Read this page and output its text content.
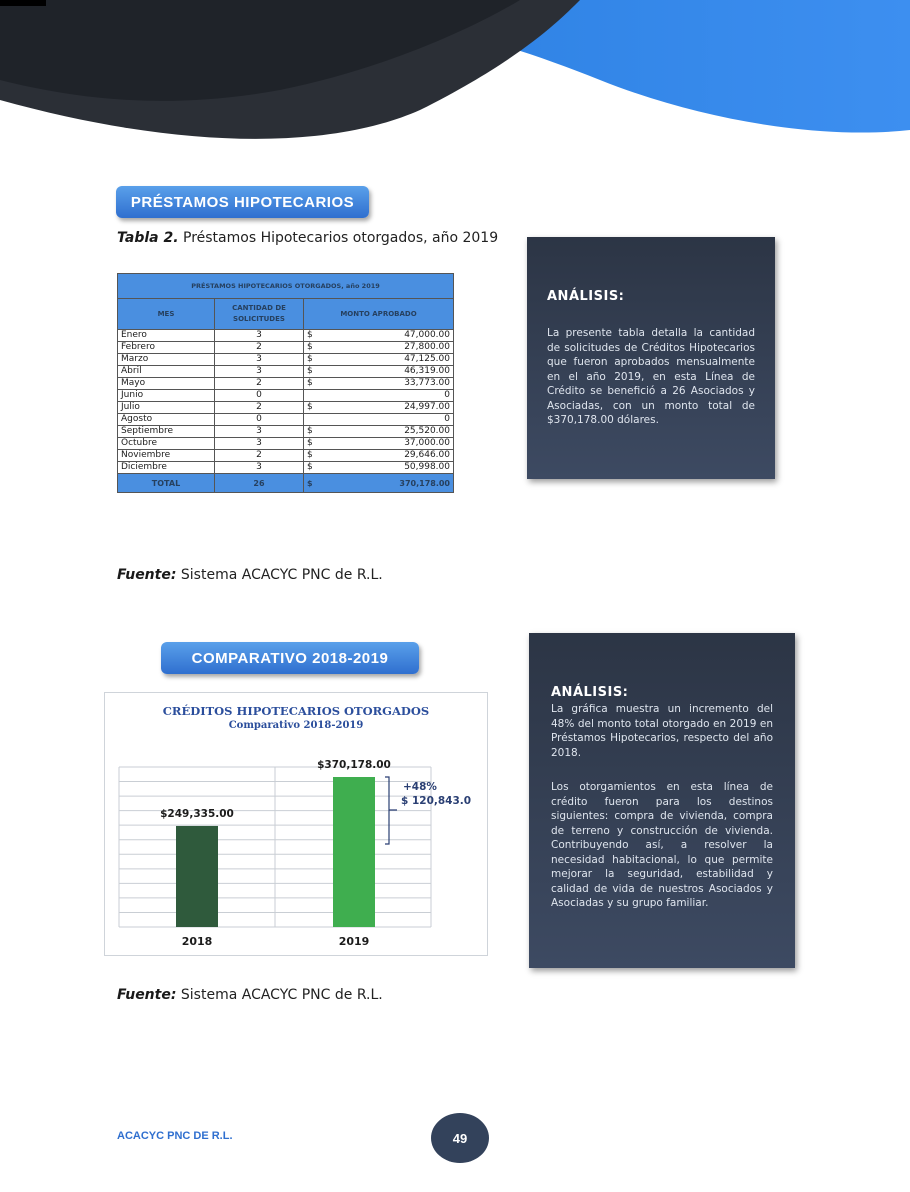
PRÉSTAMOS HIPOTECARIOS
Tabla 2. Préstamos Hipotecarios otorgados, año 2019
PRÉSTAMOS HIPOTECARIOS OTORGADOS, año 2019			
MES	CANTIDAD DE SOLICITUDES	MONTO APROBADO	
Enero	3	$	47,000.00
Febrero	2	$	27,800.00
Marzo	3	$	47,125.00
Abril	3	$	46,319.00
Mayo	2	$	33,773.00
Junio	0		0
Julio	2	$	24,997.00
Agosto	0		0
Septiembre	3	$	25,520.00
Octubre	3	$	37,000.00
Noviembre	2	$	29,646.00
Diciembre	3	$	50,998.00
TOTAL	26	$	370,178.00
Fuente: Sistema ACACYC PNC de R.L.
ANÁLISIS:

La presente tabla detalla la cantidad de solicitudes de Créditos Hipotecarios que fueron aprobados mensualmente en el año 2019, en esta Línea de Crédito se benefició a 26 Asociados y Asociadas, con un monto total de $370,178.00 dólares.

COMPARATIVO 2018-2019
CRÉDITOS HIPOTECARIOS OTORGADOS
Comparativo 2018-2019
$249,335.00
2018
$370,178.00
2019
+48%
$ 120,843.0
Fuente: Sistema ACACYC PNC de R.L.
ANÁLISIS:

La gráfica muestra un incremento del 48% del monto total otorgado en 2019 en Préstamos Hipotecarios, respecto del año 2018.

Los otorgamientos en esta línea de crédito fueron para los destinos siguientes: compra de vivienda, compra de terreno y construcción de vivienda. Contribuyendo así, a resolver la necesidad habitacional, lo que permite mejorar la seguridad, estabilidad y calidad de vida de nuestros Asociados y Asociadas y su grupo familiar.

ACACYC PNC DE R.L.	49
